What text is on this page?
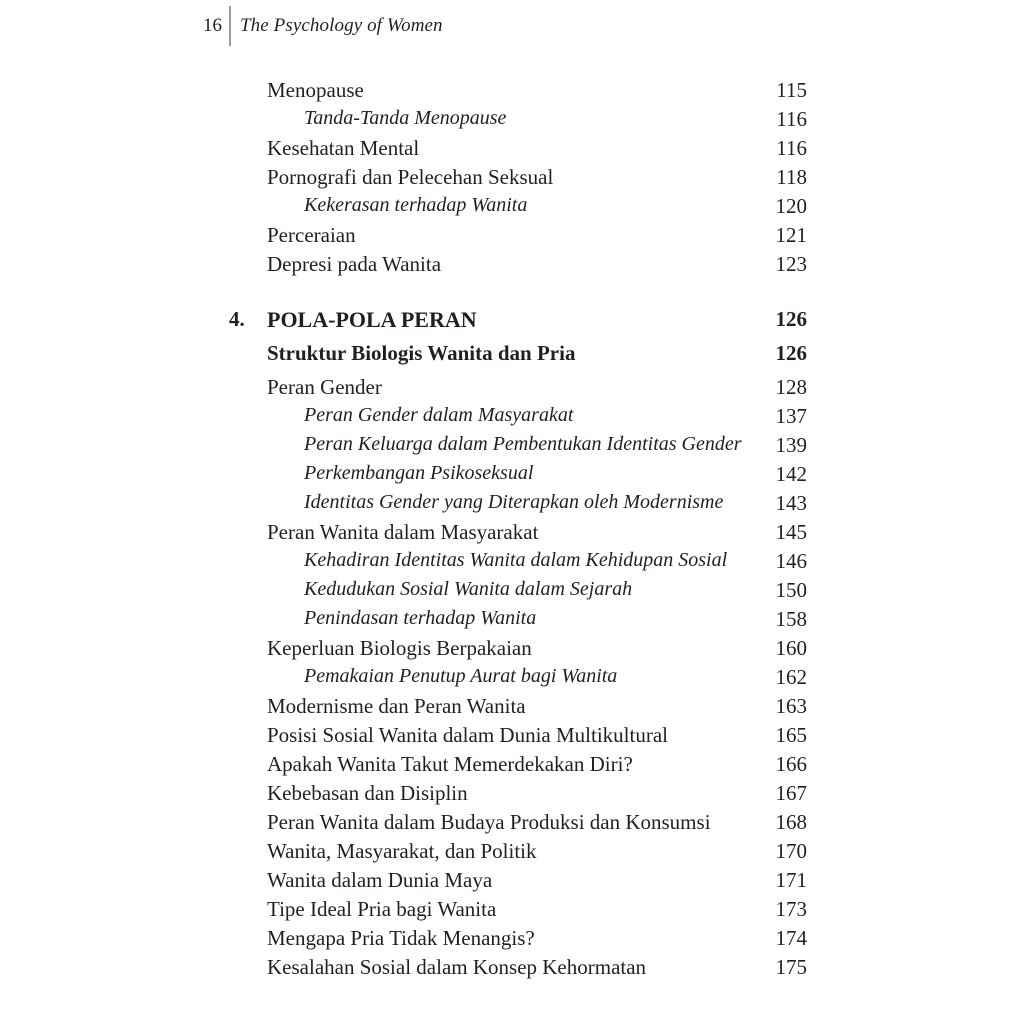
16 The Psychology of Women
Menopause	115
Tanda-Tanda Menopause	116
Kesehatan Mental	116
Pornografi dan Pelecehan Seksual	118
Kekerasan terhadap Wanita	120
Perceraian	121
Depresi pada Wanita	123
4. POLA-POLA PERAN	126
Struktur Biologis Wanita dan Pria	126
Peran Gender	128
Peran Gender dalam Masyarakat	137
Peran Keluarga dalam Pembentukan Identitas Gender 139
Perkembangan Psikoseksual	142
Identitas Gender yang Diterapkan oleh Modernisme 143
Peran Wanita dalam Masyarakat	145
Kehadiran Identitas Wanita dalam Kehidupan Sosial 146
Kedudukan Sosial Wanita dalam Sejarah	150
Penindasan terhadap Wanita	158
Keperluan Biologis Berpakaian	160
Pemakaian Penutup Aurat bagi Wanita	162
Modernisme dan Peran Wanita	163
Posisi Sosial Wanita dalam Dunia Multikultural	165
Apakah Wanita Takut Memerdekakan Diri?	166
Kebebasan dan Disiplin	167
Peran Wanita dalam Budaya Produksi dan Konsumsi	168
Wanita, Masyarakat, dan Politik	170
Wanita dalam Dunia Maya	171
Tipe Ideal Pria bagi Wanita	173
Mengapa Pria Tidak Menangis?	174
Kesalahan Sosial dalam Konsep Kehormatan	175
